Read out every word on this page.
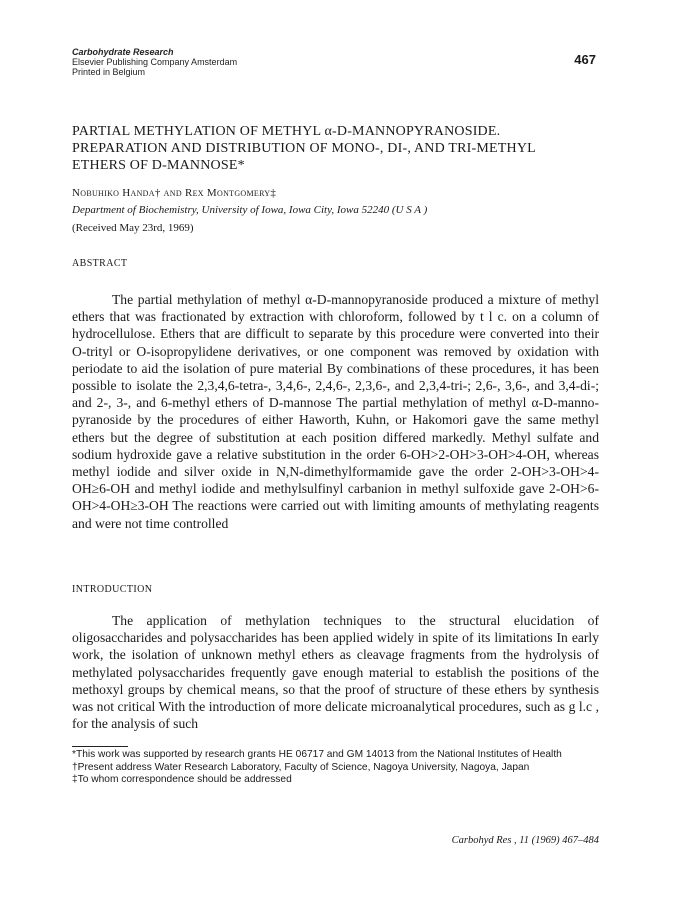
Carbohydrate Research
Elsevier Publishing Company Amsterdam
Printed in Belgium
467
PARTIAL METHYLATION OF METHYL α-D-MANNOPYRANOSIDE. PREPARATION AND DISTRIBUTION OF MONO-, DI-, AND TRI-METHYL ETHERS OF D-MANNOSE*
Nobuhiko Handa† and Rex Montgomery‡
Department of Biochemistry, University of Iowa, Iowa City, Iowa 52240 (U S A )
(Received May 23rd, 1969)
ABSTRACT

The partial methylation of methyl α-D-mannopyranoside produced a mixture of methyl ethers that was fractionated by extraction with chloroform, followed by t l c. on a column of hydrocellulose. Ethers that are difficult to separate by this procedure were converted into their O-trityl or O-isopropylidene derivatives, or one component was removed by oxidation with periodate to aid the isolation of pure material By combinations of these procedures, it has been possible to isolate the 2,3,4,6-tetra-, 3,4,6-, 2,4,6-, 2,3,6-, and 2,3,4-tri-; 2,6-, 3,6-, and 3,4-di-; and 2-, 3-, and 6-methyl ethers of D-mannose The partial methylation of methyl α-D-manno-pyranoside by the procedures of either Haworth, Kuhn, or Hakomori gave the same methyl ethers but the degree of substitution at each position differed markedly. Methyl sulfate and sodium hydroxide gave a relative substitution in the order 6-OH>2-OH>3-OH>4-OH, whereas methyl iodide and silver oxide in N,N-dimethylformamide gave the order 2-OH>3-OH>4-OH≥6-OH and methyl iodide and methylsulfinyl carbanion in methyl sulfoxide gave 2-OH>6-OH>4-OH≥3-OH The reactions were carried out with limiting amounts of methylating reagents and were not time controlled

INTRODUCTION

The application of methylation techniques to the structural elucidation of oligosaccharides and polysaccharides has been applied widely in spite of its limitations In early work, the isolation of unknown methyl ethers as cleavage fragments from the hydrolysis of methylated polysaccharides frequently gave enough material to establish the positions of the methoxyl groups by chemical means, so that the proof of structure of these ethers by synthesis was not critical With the introduction of more delicate microanalytical procedures, such as g l.c , for the analysis of such

*This work was supported by research grants HE 06717 and GM 14013 from the National Institutes of Health
†Present address Water Research Laboratory, Faculty of Science, Nagoya University, Nagoya, Japan
‡To whom correspondence should be addressed
Carbohyd Res , 11 (1969) 467–484
